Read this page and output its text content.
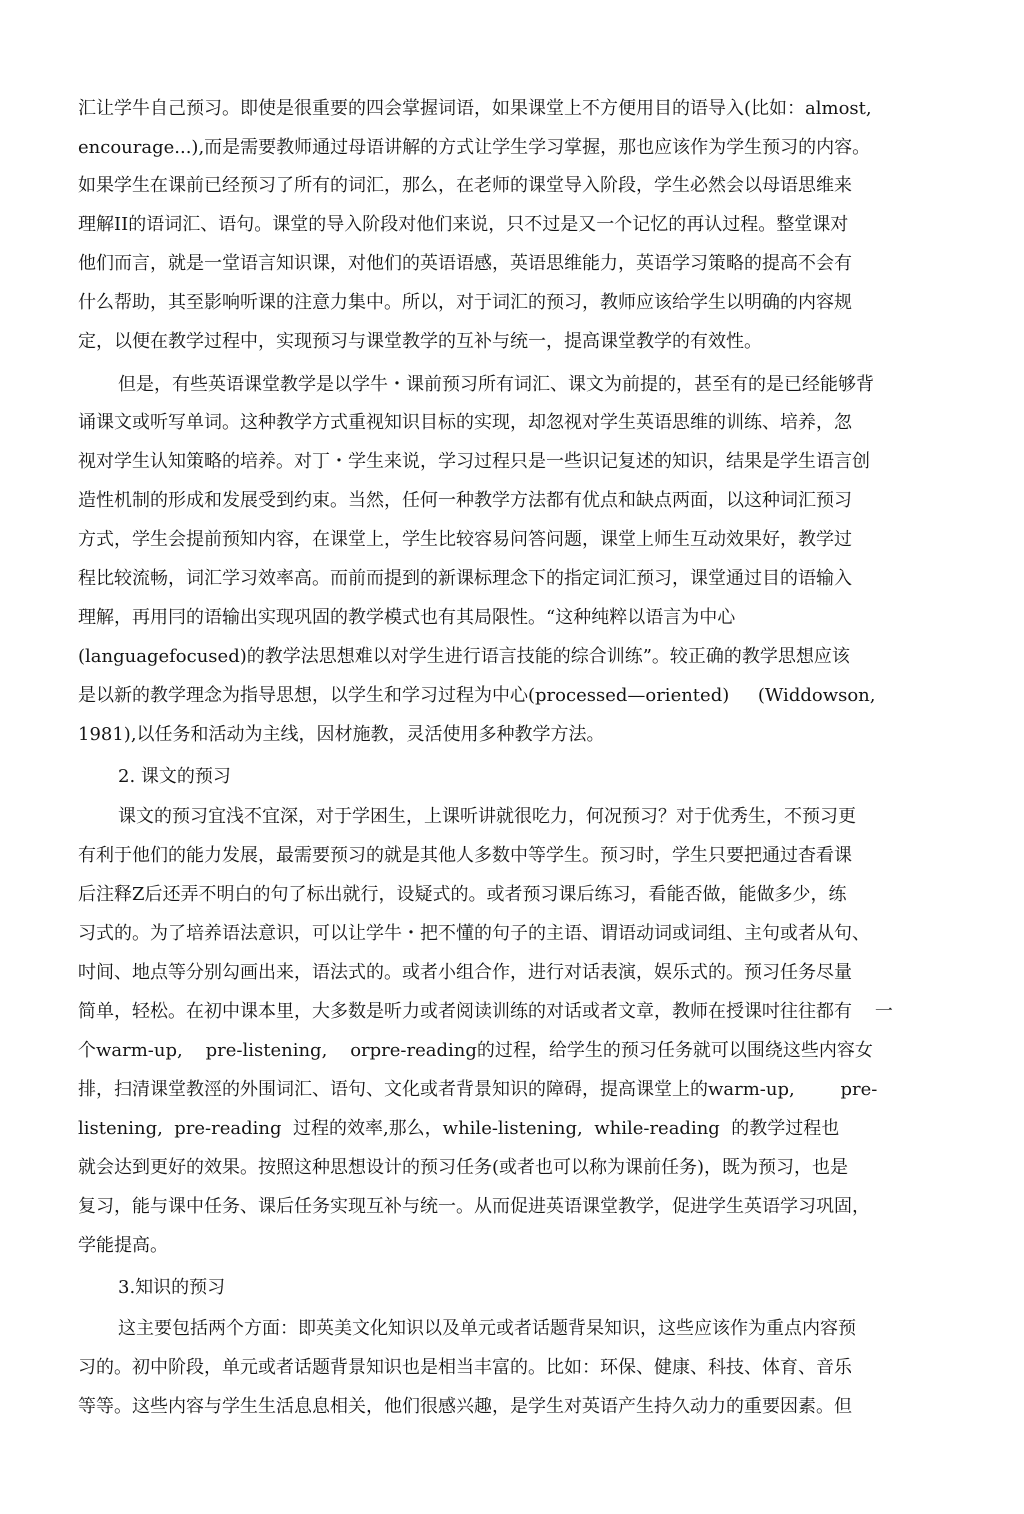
汇让学牛自己预习。即使是很重要的四会掌握词语，如果课堂上不方便用目的语导入(比如：almost,
encourage...),而是需要教师通过母语讲解的方式让学生学习掌握，那也应该作为学生预习的内容。
如果学生在课前已经预习了所有的词汇，那么，在老师的课堂导入阶段，学生必然会以母语思维来
理解II的语词汇、语句。课堂的导入阶段对他们来说，只不过是又一个记忆的再认过程。整堂课对
他们而言，就是一堂语言知识课，对他们的英语语感，英语思维能力，英语学习策略的提高不会有
什么帮助，其至影响听课的注意力集中。所以，对于词汇的预习，教师应该给学生以明确的内容规
定，以便在教学过程中，实现预习与课堂教学的互补与统一，提高课堂教学的有效性。
但是，有些英语课堂教学是以学牛・课前预习所有词汇、课文为前提的，甚至有的是已经能够背
诵课文或听写单词。这种教学方式重视知识目标的实现，却忽视对学生英语思维的训练、培养，忽
视对学生认知策略的培养。对丁・学生来说，学习过程只是一些识记复述的知识，结果是学生语言创
造性机制的形成和发展受到约束。当然，任何一种教学方法都有优点和缺点两面，以这种词汇预习
方式，学生会提前预知内容，在课堂上，学生比较容易问答问题，课堂上师生互动效果好，教学过
程比较流畅，词汇学习效率高。而前而提到的新课标理念下的指定词汇预习，课堂通过目的语输入
理解，再用冃的语输出实现巩固的教学模式也有其局限性。“这种纯粹以语言为中心
(languagefocused)的教学法思想难以对学生进行语言技能的综合训练”。较正确的教学思想应该
是以新的教学理念为指导思想，以学生和学习过程为中心(processed—oriented)     (Widdowson,
1981),以任务和活动为主线，因材施教，灵活使用多种教学方法。
2. 课文的预习
课文的预习宜浅不宜深，对于学困生，上课听讲就很吃力，何况预习？对于优秀生，不预习更
有利于他们的能力发展，最需要预习的就是其他人多数中等学生。预习时，学生只要把通过杳看课
后注释Z后还弄不明白的句了标出就行，设疑式的。或者预习课后练习，看能否做，能做多少，练
习式的。为了培养语法意识，可以让学牛・把不懂的句子的主语、谓语动词或词组、主句或者从句、
吋间、地点等分别勾画出来，语法式的。或者小组合作，进行对话表演，娱乐式的。预习任务尽量
简单，轻松。在初中课本里，大多数是听力或者阅读训练的对话或者文章，教师在授课吋往往都有    一
个warm-up,    pre-listening,    orpre-reading的过程，给学生的预习任务就可以围绕这些内容女
排，扫清课堂教涇的外围词汇、语句、文化或者背景知识的障碍，提高课堂上的warm-up,        pre-
listening,  pre-reading  过程的效率,那么，while-listening,  while-reading  的教学过程也
就会达到更好的效果。按照这种思想设计的预习任务(或者也可以称为课前任务)，既为预习，也是
复习，能与课中任务、课后任务实现互补与统一。从而促进英语课堂教学，促进学生英语学习巩固，
学能提高。
3.知识的预习
这主要包括两个方面：即英美文化知识以及单元或者话题背杲知识，这些应该作为重点内容预
习的。初中阶段，单元或者话题背景知识也是相当丰富的。比如：环保、健康、科技、体育、音乐
等等。这些内容与学生生活息息相关，他们很感兴趣，是学生对英语产生持久动力的重要因素。但
